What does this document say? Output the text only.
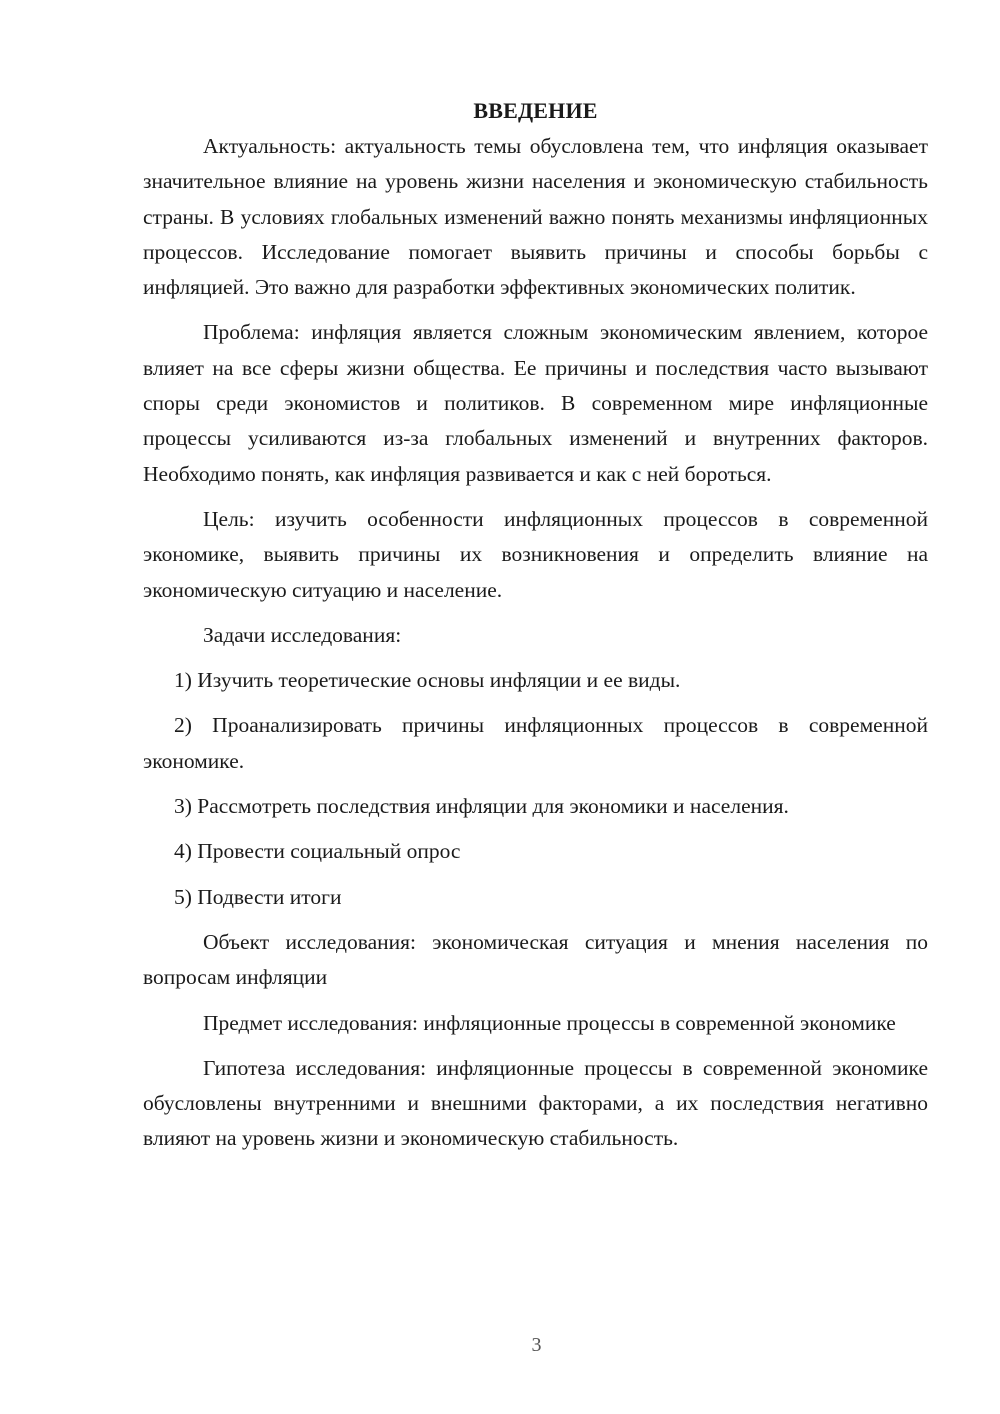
ВВЕДЕНИЕ

Актуальность: актуальность темы обусловлена тем, что инфляция оказывает значительное влияние на уровень жизни населения и экономическую стабильность страны. В условиях глобальных изменений важно понять механизмы инфляционных процессов. Исследование помогает выявить причины и способы борьбы с инфляцией. Это важно для разработки эффективных экономических политик.

Проблема: инфляция является сложным экономическим явлением, которое влияет на все сферы жизни общества. Ее причины и последствия часто вызывают споры среди экономистов и политиков. В современном мире инфляционные процессы усиливаются из-за глобальных изменений и внутренних факторов. Необходимо понять, как инфляция развивается и как с ней бороться.

Цель: изучить особенности инфляционных процессов в современной экономике, выявить причины их возникновения и определить влияние на экономическую ситуацию и население.

Задачи исследования:

1) Изучить теоретические основы инфляции и ее виды.

2) Проанализировать причины инфляционных процессов в современной экономике.

3) Рассмотреть последствия инфляции для экономики и населения.

4) Провести социальный опрос

5) Подвести итоги

Объект исследования: экономическая ситуация и мнения населения по вопросам инфляции

Предмет исследования: инфляционные процессы в современной экономике

Гипотеза исследования: инфляционные процессы в современной экономике обусловлены внутренними и внешними факторами, а их последствия негативно влияют на уровень жизни и экономическую стабильность.

3
